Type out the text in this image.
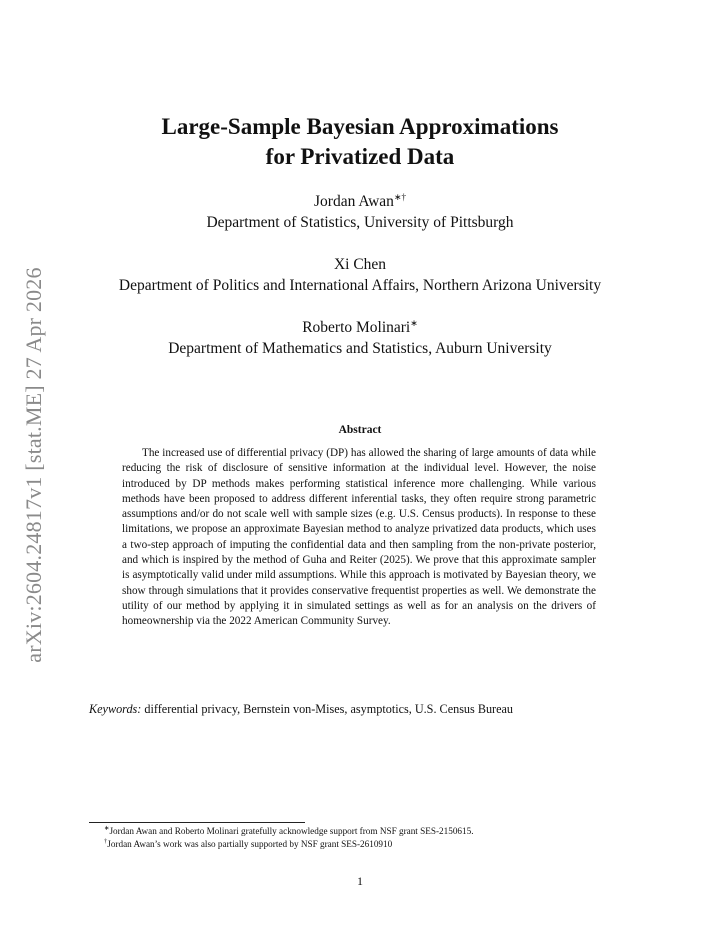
arXiv:2604.24817v1 [stat.ME] 27 Apr 2026
Large-Sample Bayesian Approximations
for Privatized Data
Jordan Awan∗†
Department of Statistics, University of Pittsburgh
Xi Chen
Department of Politics and International Affairs, Northern Arizona University
Roberto Molinari∗
Department of Mathematics and Statistics, Auburn University
Abstract
The increased use of differential privacy (DP) has allowed the sharing of large amounts of data while reducing the risk of disclosure of sensitive information at the individual level. However, the noise introduced by DP methods makes performing statistical inference more challenging. While various methods have been proposed to address different inferential tasks, they often require strong parametric assumptions and/or do not scale well with sample sizes (e.g. U.S. Census products). In response to these limitations, we propose an approximate Bayesian method to analyze privatized data products, which uses a two-step approach of imputing the confidential data and then sampling from the non-private posterior, and which is inspired by the method of Guha and Reiter (2025). We prove that this approximate sampler is asymptotically valid under mild assumptions. While this approach is motivated by Bayesian theory, we show through simulations that it provides conservative frequentist properties as well. We demonstrate the utility of our method by applying it in simulated settings as well as for an analysis on the drivers of homeownership via the 2022 American Community Survey.
Keywords: differential privacy, Bernstein von-Mises, asymptotics, U.S. Census Bureau
∗Jordan Awan and Roberto Molinari gratefully acknowledge support from NSF grant SES-2150615.
†Jordan Awan’s work was also partially supported by NSF grant SES-2610910
1
